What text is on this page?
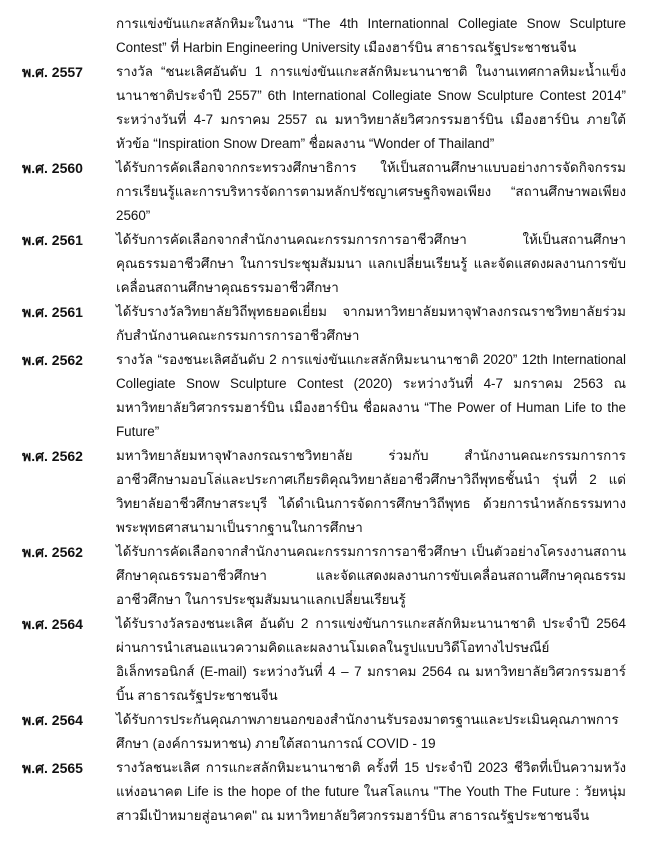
การแข่งขันแกะสลักหิมะในงาน “The 4th Internationnal Collegiate Snow Sculpture Contest” ที่ Harbin Engineering University เมืองฮาร์บิน สาธารณรัฐประชาชนจีน
พ.ศ. 2557 รางวัล “ชนะเลิศอันดับ 1 การแข่งขันแกะสลักหิมะนานาชาติ ในงานเทศกาลหิมะน้ำแข็งนานาชาติประจำปี 2557” 6th International Collegiate Snow Sculpture Contest 2014” ระหว่างวันที่ 4-7 มกราคม 2557 ณ มหาวิทยาลัยวิศวกรรมฮาร์บิน เมืองฮาร์บิน ภายใต้หัวข้อ “Inspiration Snow Dream” ชื่อผลงาน “Wonder of Thailand”
พ.ศ. 2560 ได้รับการคัดเลือกจากกระทรวงศึกษาธิการ ให้เป็นสถานศึกษาแบบอย่างการจัดกิจกรรมการเรียนรู้และการบริหารจัดการตามหลักปรัชญาเศรษฐกิจพอเพียง “สถานศึกษาพอเพียง 2560”
พ.ศ. 2561 ได้รับการคัดเลือกจากสำนักงานคณะกรรมการการอาชีวศึกษา ให้เป็นสถานศึกษาคุณธรรมอาชีวศึกษา ในการประชุมสัมมนา แลกเปลี่ยนเรียนรู้ และจัดแสดงผลงานการขับเคลื่อนสถานศึกษาคุณธรรมอาชีวศึกษา
พ.ศ. 2561 ได้รับรางวัลวิทยาลัยวิถีพุทธยอดเยี่ยม จากมหาวิทยาลัยมหาจุฬาลงกรณราชวิทยาลัยร่วมกับสำนักงานคณะกรรมการการอาชีวศึกษา
พ.ศ. 2562 รางวัล “รองชนะเลิศอันดับ 2 การแข่งขันแกะสลักหิมะนานาชาติ 2020” 12th International Collegiate Snow Sculpture Contest (2020) ระหว่างวันที่ 4-7 มกราคม 2563 ณ มหาวิทยาลัยวิศวกรรมฮาร์บิน เมืองฮาร์บิน ชื่อผลงาน “The Power of Human Life to the Future”
พ.ศ. 2562 มหาวิทยาลัยมหาจุฬาลงกรณราชวิทยาลัย ร่วมกับ สำนักงานคณะกรรมการการอาชีวศึกษามอบโล่และประกาศเกียรติคุณวิทยาลัยอาชีวศึกษาวิถีพุทธชั้นนำ รุ่นที่ 2 แด่ วิทยาลัยอาชีวศึกษาสระบุรี ได้ดำเนินการจัดการศึกษาวิถีพุทธ ด้วยการนำหลักธรรมทางพระพุทธศาสนามาเป็นรากฐานในการศึกษา
พ.ศ. 2562 ได้รับการคัดเลือกจากสำนักงานคณะกรรมการการอาชีวศึกษา เป็นตัวอย่างโครงงานสถานศึกษาคุณธรรมอาชีวศึกษา และจัดแสดงผลงานการขับเคลื่อนสถานศึกษาคุณธรรมอาชีวศึกษา ในการประชุมสัมมนาแลกเปลี่ยนเรียนรู้
พ.ศ. 2564 ได้รับรางวัลรองชนะเลิศ อันดับ 2 การแข่งขันการแกะสลักหิมะนานาชาติ ประจำปี 2564 ผ่านการนำเสนอแนวความคิดและผลงานโมเดลในรูปแบบวิดีโอทางไปรษณีย์อิเล็กทรอนิกส์ (E-mail) ระหว่างวันที่ 4 – 7 มกราคม 2564 ณ มหาวิทยาลัยวิศวกรรมฮาร์บิ้น สาธารณรัฐประชาชนจีน
พ.ศ. 2564 ได้รับการประกันคุณภาพภายนอกของสำนักงานรับรองมาตรฐานและประเมินคุณภาพการศึกษา (องค์การมหาชน) ภายใต้สถานการณ์ COVID - 19
พ.ศ. 2565 รางวัลชนะเลิศ การแกะสลักหิมะนานาชาติ ครั้งที่ 15 ประจำปี 2023 ชีวิตที่เป็นความหวังแห่งอนาคต Life is the hope of the future ในสโลแกน "The Youth The Future : วัยหนุ่มสาวมีเป้าหมายสู่อนาคต" ณ มหาวิทยาลัยวิศวกรรมฮาร์บิน สาธารณรัฐประชาชนจีน
